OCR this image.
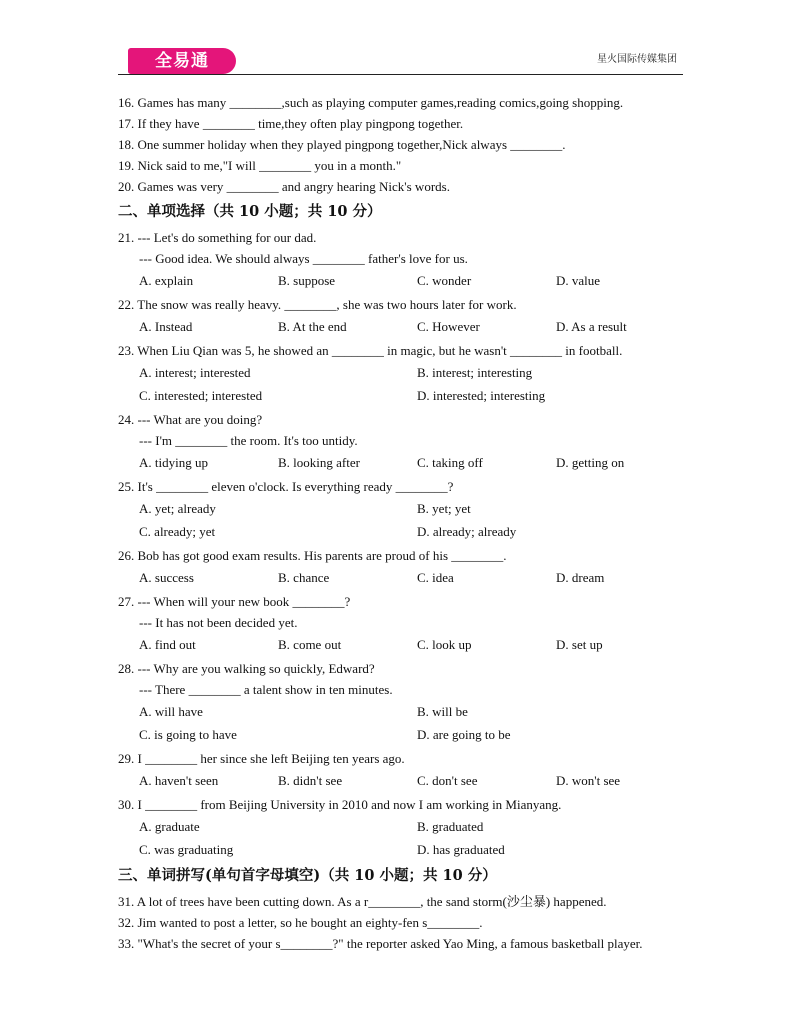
全易通	星火国际传媒集团
16. Games has many ________,such as playing computer games,reading comics,going shopping.
17. If they have ________ time,they often play pingpong together.
18. One summer holiday when they played pingpong together,Nick always ________.
19. Nick said to me,"I will ________ you in a month."
20. Games was very ________ and angry hearing Nick's words.
二、单项选择（共 10 小题；共 10 分）
21. --- Let's do something for our dad.
--- Good idea. We should always ________ father's love for us.
A. explain	B. suppose	C. wonder	D. value
22. The snow was really heavy. ________, she was two hours later for work.
A. Instead	B. At the end	C. However	D. As a result
23. When Liu Qian was 5, he showed an ________ in magic, but he wasn't ________ in football.
A. interest; interested	B. interest; interesting
C. interested; interested	D. interested; interesting
24. --- What are you doing?
--- I'm ________ the room. It's too untidy.
A. tidying up	B. looking after	C. taking off	D. getting on
25. It's ________ eleven o'clock. Is everything ready ________?
A. yet; already	B. yet; yet
C. already; yet	D. already; already
26. Bob has got good exam results. His parents are proud of his ________.
A. success	B. chance	C. idea	D. dream
27. --- When will your new book ________?
--- It has not been decided yet.
A. find out	B. come out	C. look up	D. set up
28. --- Why are you walking so quickly, Edward?
--- There ________ a talent show in ten minutes.
A. will have	B. will be
C. is going to have	D. are going to be
29. I ________ her since she left Beijing ten years ago.
A. haven't seen	B. didn't see	C. don't see	D. won't see
30. I ________ from Beijing University in 2010 and now I am working in Mianyang.
A. graduate	B. graduated
C. was graduating	D. has graduated
三、单词拼写(单句首字母填空)（共 10 小题；共 10 分）
31. A lot of trees have been cutting down. As a r________, the sand storm(沙尘暴) happened.
32. Jim wanted to post a letter, so he bought an eighty-fen s________.
33. "What's the secret of your s________?" the reporter asked Yao Ming, a famous basketball player.
